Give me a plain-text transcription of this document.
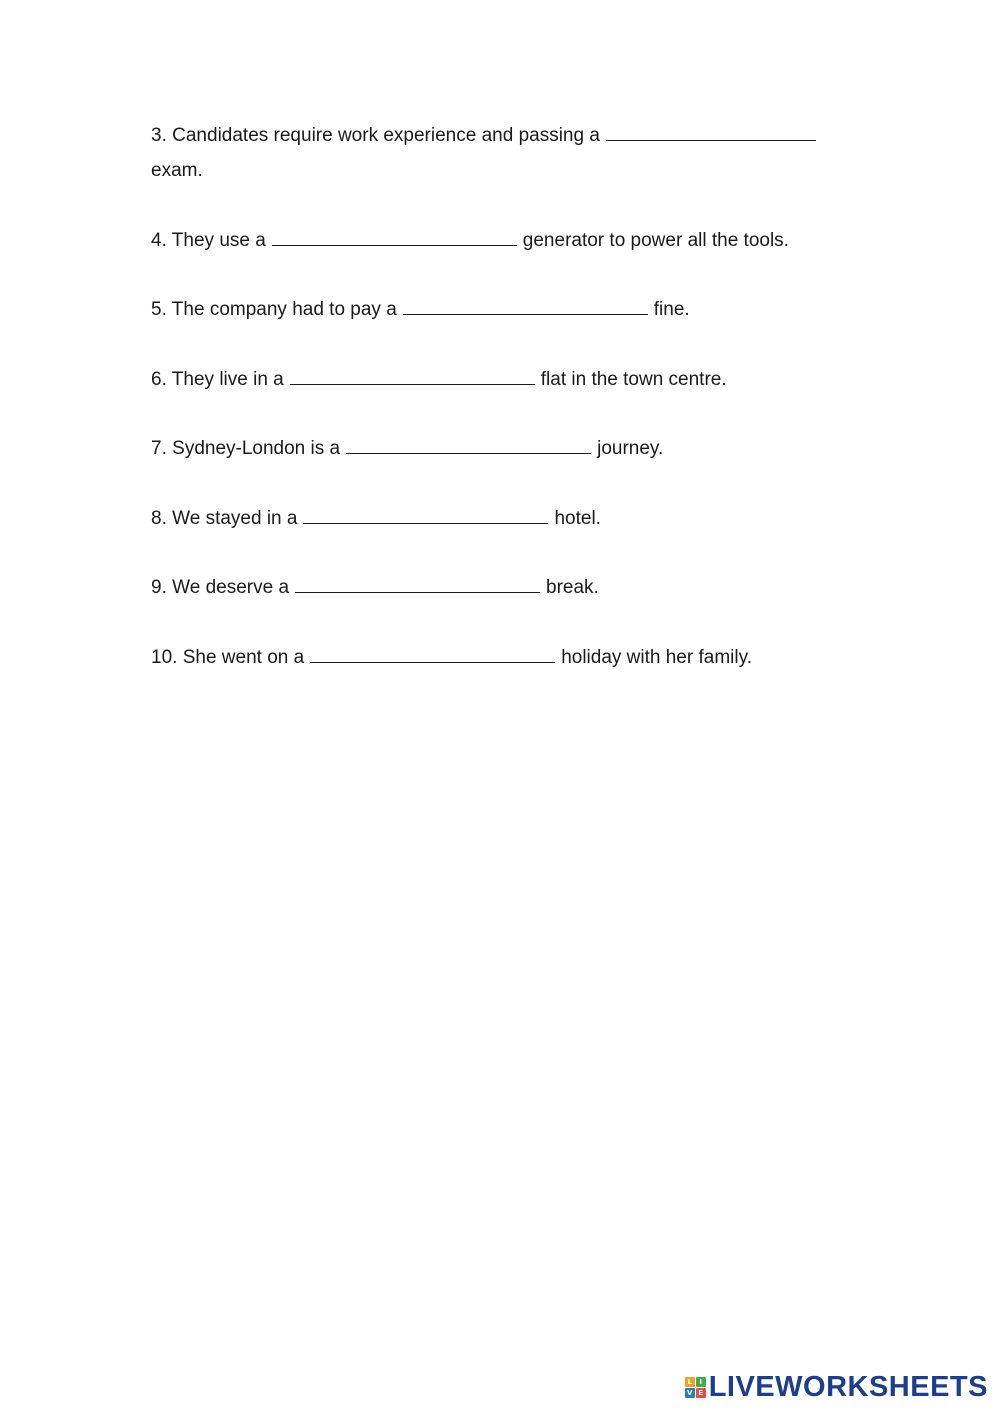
3. Candidates require work experience and passing a
exam.
4. They use a	generator to power all the tools.
5. The company had to pay a	fine.
6. They live in a	flat in the town centre.
7. Sydney-London is a	journey.
8. We stayed in a	hotel.
9. We deserve a	break.
10. She went on a	holiday with her family.
L	I
V E LIVEWORKSHEETS
